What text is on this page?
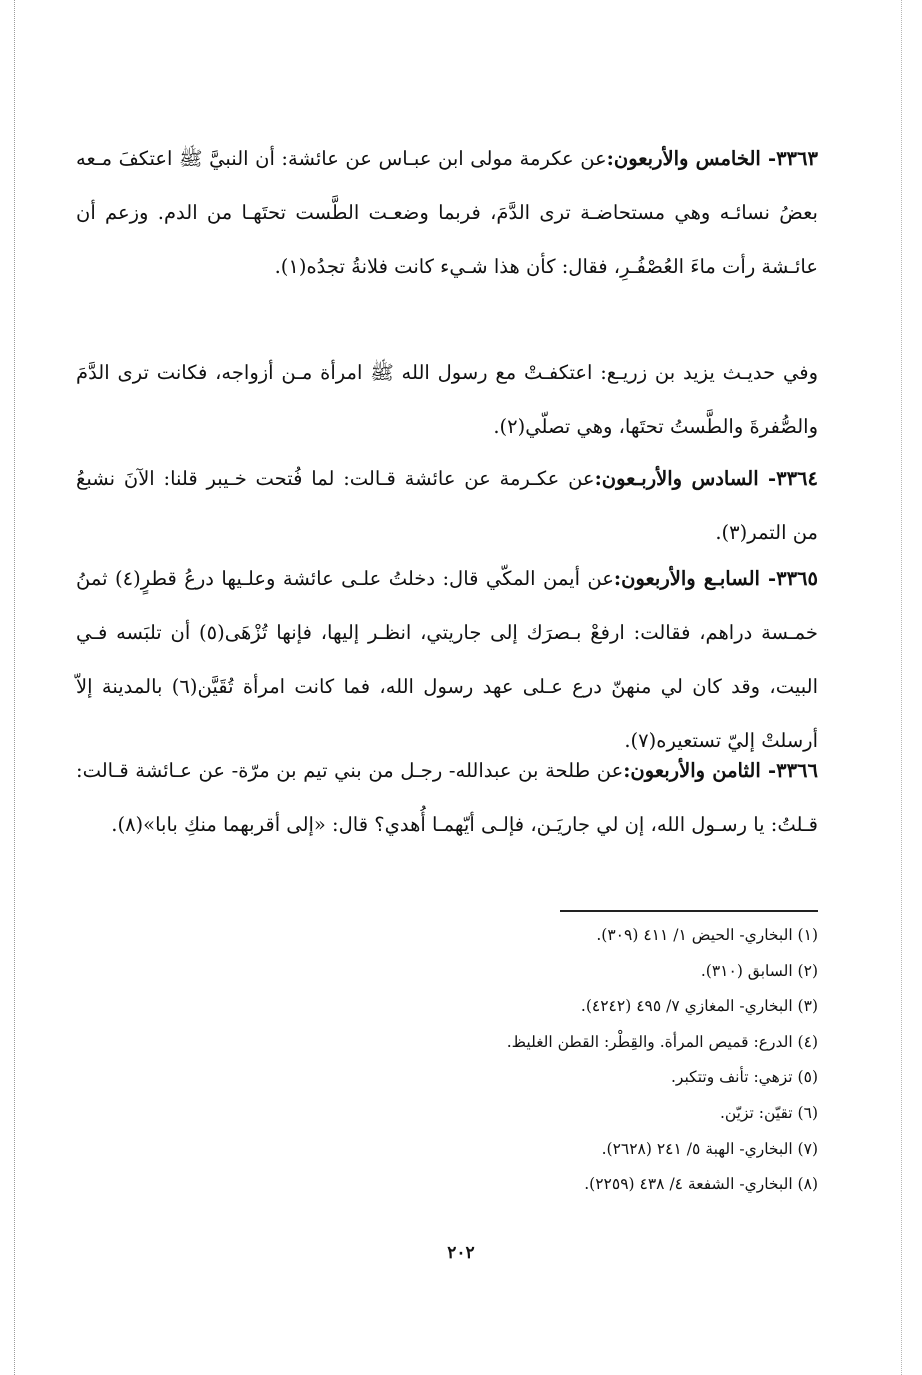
٣٣٦٣- الخامس والأربعون:عن عكرمة مولى ابن عبـاس عن عائشة: أن النبيَّ ﷺ اعتكفَ مـعه بعضُ نسائـه وهي مستحاضـة ترى الدَّمَ، فربما وضعـت الطَّست تحتَهـا من الدم. وزعم أن عائـشة رأت ماءَ العُصْفُـرِ، فقال: كأن هذا شـيء كانت فلانةُ تجدُه(١).

وفي حديـث يزيد بن زريـع: اعتكفـتْ مع رسول الله ﷺ امرأة مـن أزواجه، فكانت ترى الدَّمَ والصُّفرةَ والطَّستُ تحتَها، وهي تصلّي(٢).

٣٣٦٤- السادس والأربـعون:عن عكـرمة عن عائشة قـالت: لما فُتحت خـيبر قلنا: الآنَ نشبعُ من التمر(٣).

٣٣٦٥- السابـع والأربعون:عن أيمن المكّي قال: دخلتُ علـى عائشة وعلـيها درعُ قطرٍ(٤) ثمنُ خمـسة دراهم، فقالت: ارفعْ بـصرَك إلى جاريتي، انظـر إليها، فإنها تُزْهَى(٥) أن تلبَسه فـي البيت، وقد كان لي منهنّ درع عـلى عهد رسول الله، فما كانت امرأة تُقَيَّن(٦) بالمدينة إلاّ أرسلتْ إليّ تستعيره(٧).

٣٣٦٦- الثامن والأربعون:عن طلحة بن عبدالله- رجـل من بني تيم بن مرّة- عن عـائشة قـالت: قـلتُ: يا رسـول الله، إن لي جاريَـن، فإلـى أيّهمـا أُهدي؟ قال: «إلى أقربهما منكِ بابا»(٨).

(١) البخاري- الحيض ١/ ٤١١ (٣٠٩).

(٢) السابق (٣١٠).

(٣) البخاري- المغازي ٧/ ٤٩٥ (٤٢٤٢).

(٤) الدرع: قميص المرأة. والقِطْر: القطن الغليظ.

(٥) تزهي: تأنف وتتكبر.

(٦) تقيّن: تزيّن.

(٧) البخاري- الهبة ٥/ ٢٤١ (٢٦٢٨).

(٨) البخاري- الشفعة ٤/ ٤٣٨ (٢٢٥٩).

٢٠٢
